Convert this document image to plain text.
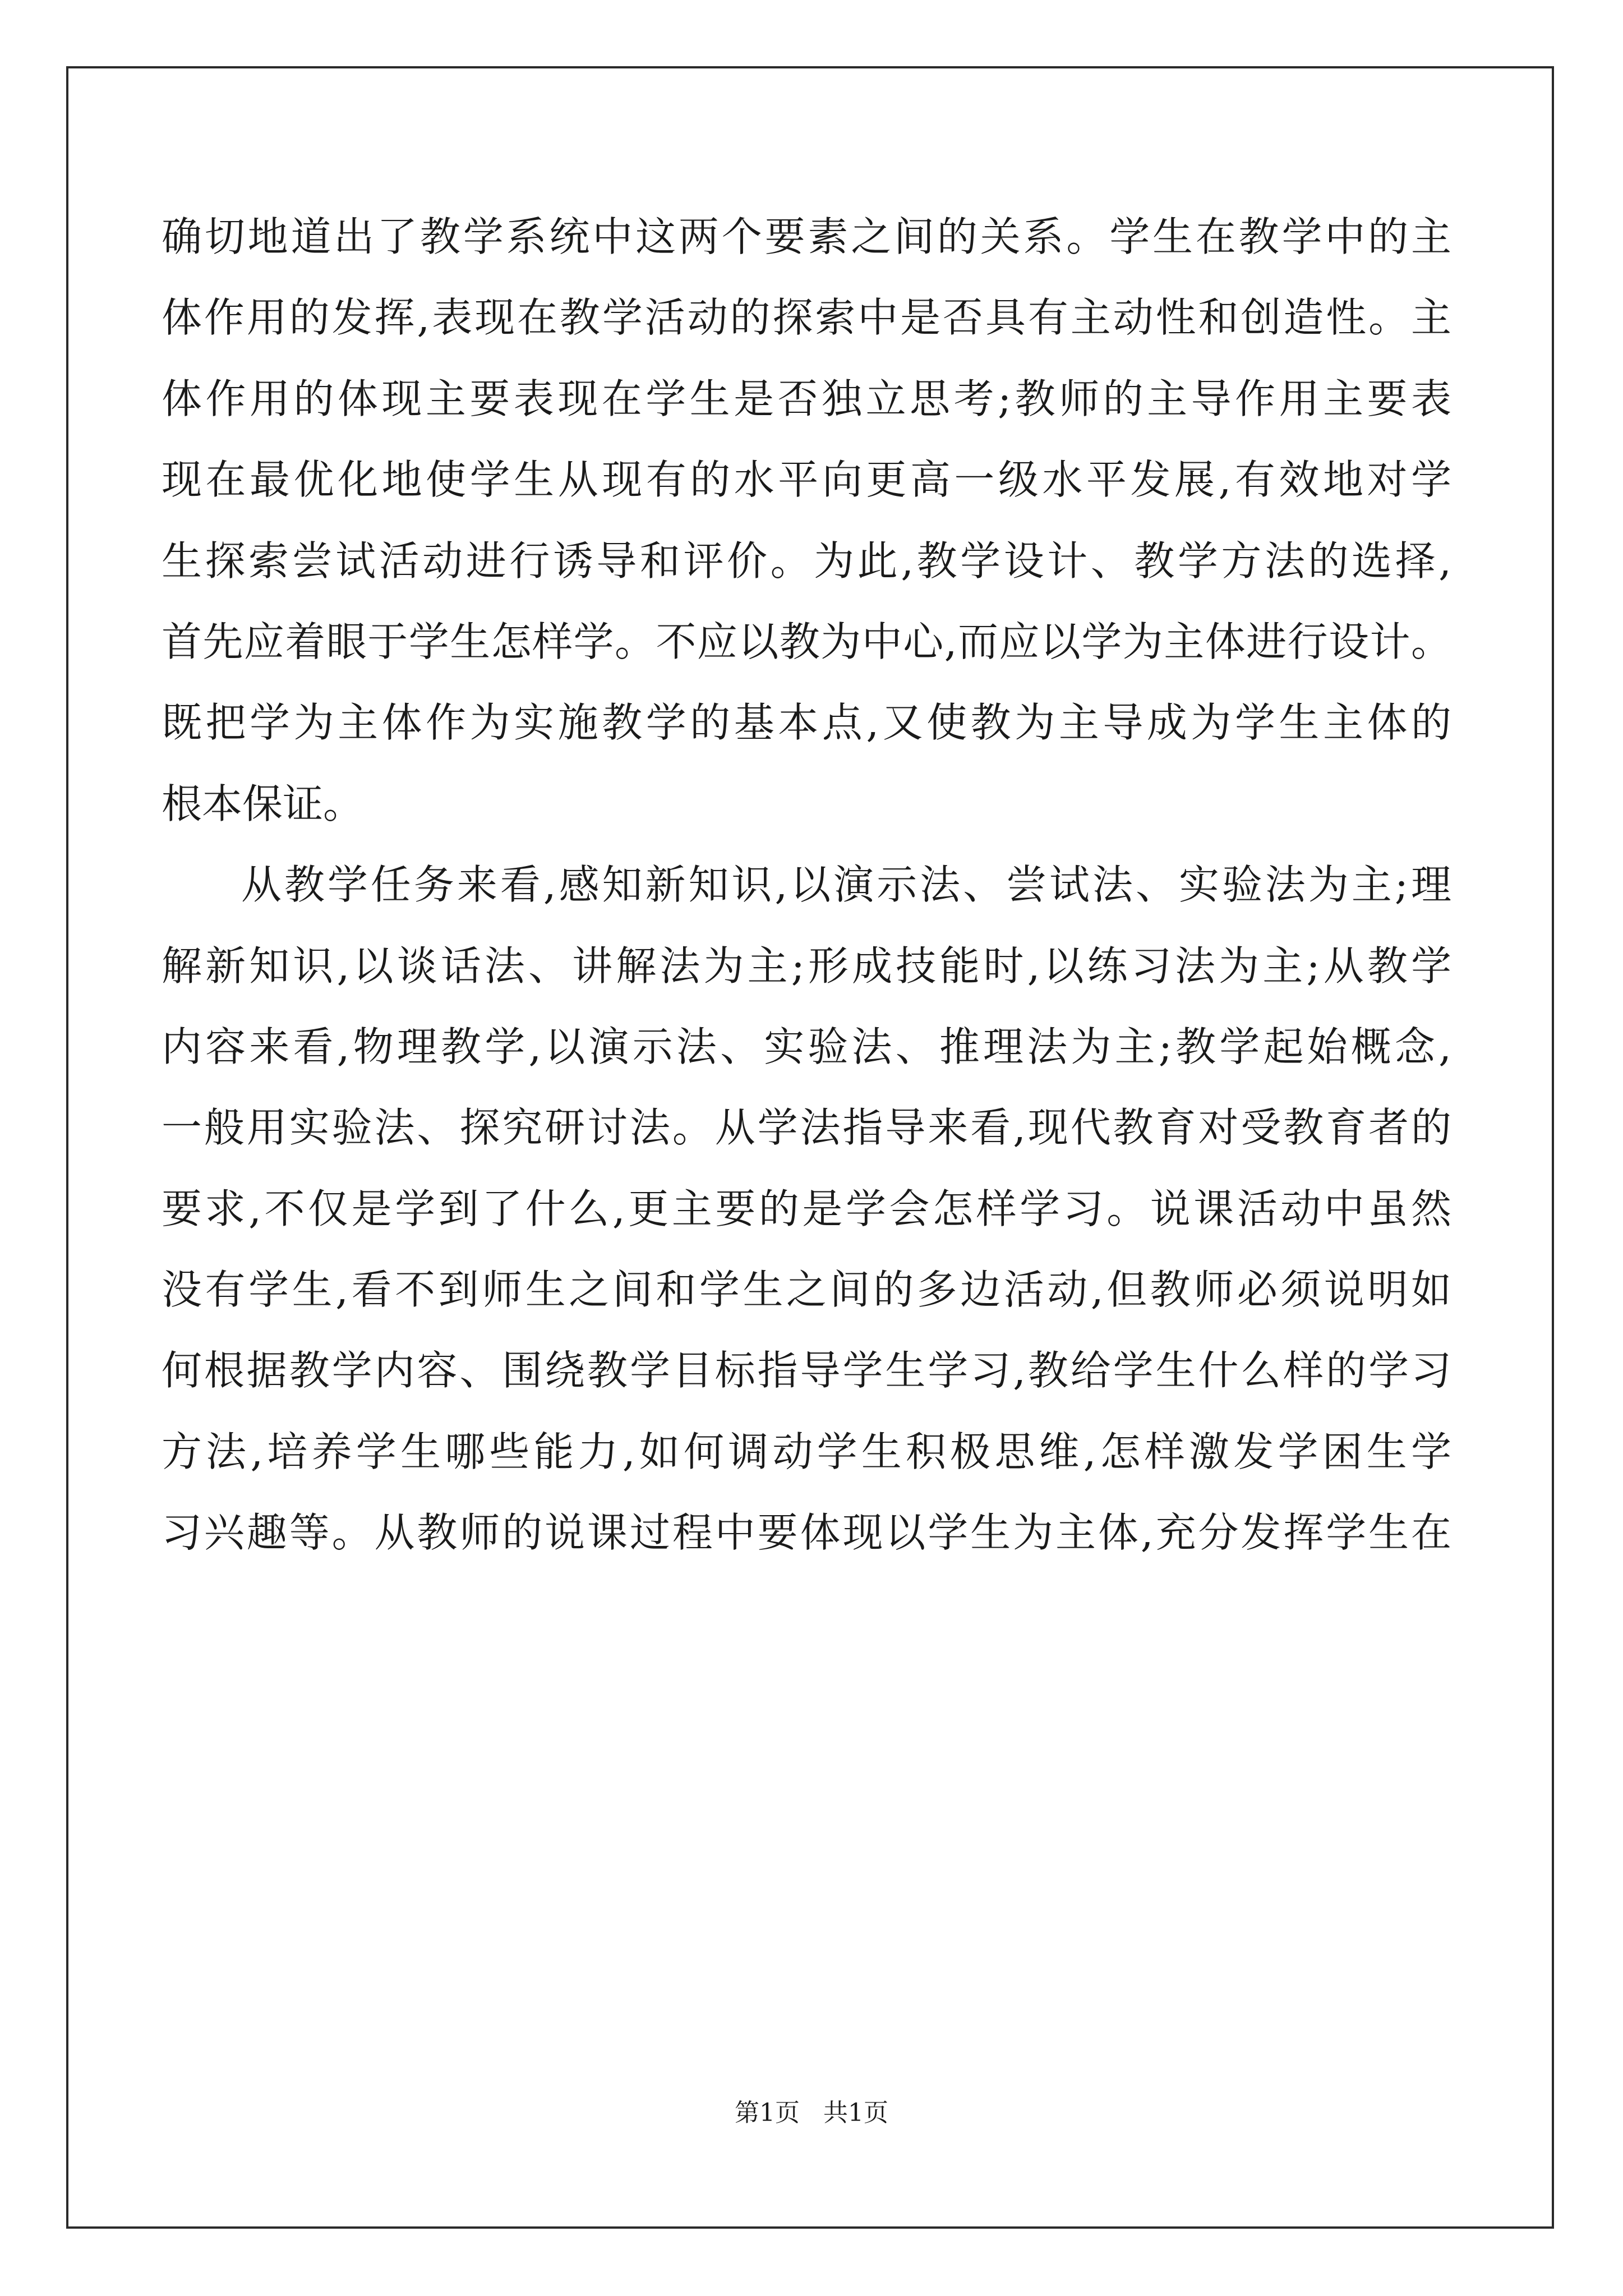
确切地道出了教学系统中这两个要素之间的关系。学生在教学中的主
体作用的发挥,表现在教学活动的探索中是否具有主动性和创造性。主
体作用的体现主要表现在学生是否独立思考;教师的主导作用主要表
现在最优化地使学生从现有的水平向更高一级水平发展,有效地对学
生探索尝试活动进行诱导和评价。为此,教学设计、教学方法的选择,
首先应着眼于学生怎样学。不应以教为中心,而应以学为主体进行设计。
既把学为主体作为实施教学的基本点,又使教为主导成为学生主体的
根本保证。
从教学任务来看,感知新知识,以演示法、尝试法、实验法为主;理
解新知识,以谈话法、讲解法为主;形成技能时,以练习法为主;从教学
内容来看,物理教学,以演示法、实验法、推理法为主;教学起始概念,
一般用实验法、探究研讨法。从学法指导来看,现代教育对受教育者的
要求,不仅是学到了什么,更主要的是学会怎样学习。说课活动中虽然
没有学生,看不到师生之间和学生之间的多边活动,但教师必须说明如
何根据教学内容、围绕教学目标指导学生学习,教给学生什么样的学习
方法,培养学生哪些能力,如何调动学生积极思维,怎样激发学困生学
习兴趣等。从教师的说课过程中要体现以学生为主体,充分发挥学生在
第1页   共1页
